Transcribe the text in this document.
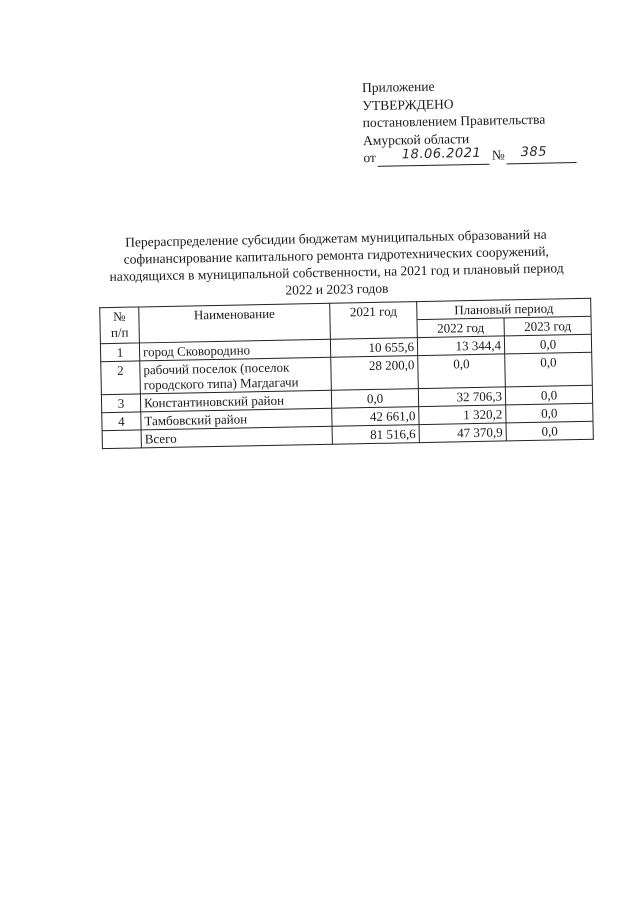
Приложение
УТВЕРЖДЕНО
постановлением Правительства
Амурской области
от 18.06.2021 № 385
Перераспределение субсидии бюджетам муниципальных образований на
софинансирование капитального ремонта гидротехнических сооружений,
находящихся в муниципальной собственности, на 2021 год и плановый период
2022 и 2023 годов
№
п/п	Наименование	2021 год	Плановый период	
			2022 год	2023 год
1	город Сковородино	10 655,6	13 344,4	0,0
2	рабочий поселок (поселок городского типа) Магдагачи	28 200,0	0,0	0,0
3	Константиновский район	0,0	32 706,3	0,0
4	Тамбовский район	42 661,0	1 320,2	0,0
	Всего	81 516,6	47 370,9	0,0
